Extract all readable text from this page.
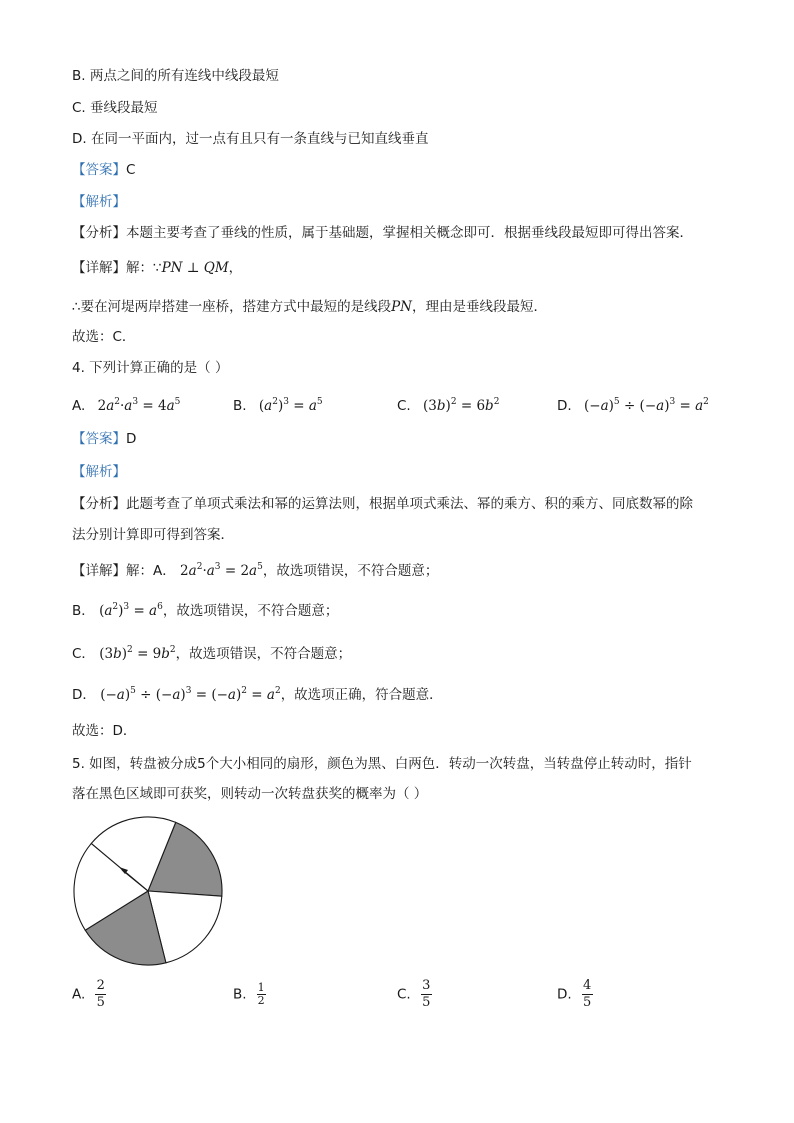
B. 两点之间的所有连线中线段最短
C. 垂线段最短
D. 在同一平面内，过一点有且只有一条直线与已知直线垂直
【答案】C
【解析】
【分析】本题主要考查了垂线的性质，属于基础题，掌握相关概念即可．根据垂线段最短即可得出答案．
【详解】解：∵PN ⊥ QM，
∴要在河堤两岸搭建一座桥，搭建方式中最短的是线段PN，理由是垂线段最短．
故选：C．
4. 下列计算正确的是（ ）
A. $2a^2\cdot a^3 = 4a^5$	B. $(a^2)^3 = a^5$	C. $(3b)^2 = 6b^2$	D. $(-a)^5 \div (-a)^3 = a^2$
【答案】D
【解析】
【分析】此题考查了单项式乘法和幂的运算法则，根据单项式乘法、幂的乘方、积的乘方、同底数幂的除
法分别计算即可得到答案．
【详解】解：A． $2a^2\cdot a^3 = 2a^5$，故选项错误，不符合题意；
B． $(a^2)^3 = a^6$，故选项错误，不符合题意；
C． $(3b)^2 = 9b^2$，故选项错误，不符合题意；
D． $(-a)^5 \div (-a)^3 = (-a)^2 = a^2$，故选项正确，符合题意．
故选：D．
5. 如图，转盘被分成5个大小相同的扇形，颜色为黑、白两色．转动一次转盘，当转盘停止转动时，指针
落在黑色区域即可获奖，则转动一次转盘获奖的概率为（ ）
A. $\frac{2}{5}$	B. $\frac{1}{2}$	C. $\frac{3}{5}$	D. $\frac{4}{5}$
